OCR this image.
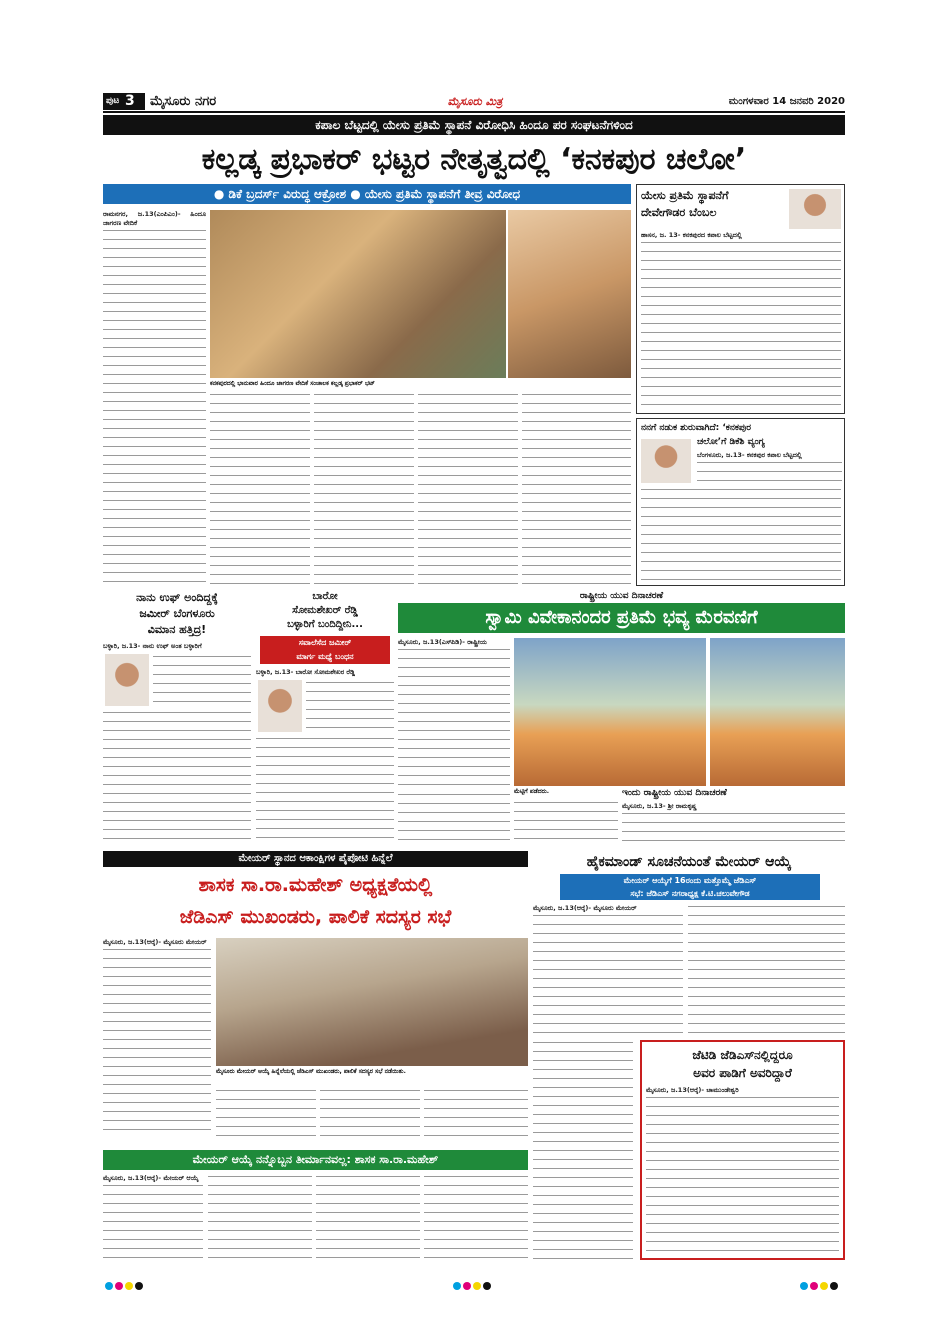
ಪುಟ 3 ಮೈಸೂರು ನಗರ	ಮೈಸೂರು ಮಿತ್ರ	ಮಂಗಳವಾರ 14 ಜನವರಿ 2020
ಕಪಾಲ ಬೆಟ್ಟದಲ್ಲಿ ಯೇಸು ಪ್ರತಿಮೆ ಸ್ಥಾಪನೆ ವಿರೋಧಿಸಿ ಹಿಂದೂ ಪರ ಸಂಘಟನೆಗಳಿಂದ
ಕಲ್ಲಡ್ಕ ಪ್ರಭಾಕರ್ ಭಟ್ಟರ ನೇತೃತ್ವದಲ್ಲಿ ‘ಕನಕಪುರ ಚಲೋ’
● ಡಿಕೆ ಬ್ರದರ್ಸ್ ವಿರುದ್ಧ ಆಕ್ರೋಶ ● ಯೇಸು ಪ್ರತಿಮೆ ಸ್ಥಾಪನೆಗೆ ತೀವ್ರ ವಿರೋಧ
ರಾಮನಗರ, ಜ.13(ಎಂಪಿಎಂ)- ಹಿಂದೂ ಜಾಗರಣ ವೇದಿಕೆ
ಕನಕಪುರದಲ್ಲಿ ಭಾನುವಾರ ಹಿಂದೂ ಜಾಗರಣ ವೇದಿಕೆ ಸಂಚಾಲಕ ಕಲ್ಲಡ್ಕ ಪ್ರಭಾಕರ್ ಭಟ್
ಯೇಸು ಪ್ರತಿಮೆ ಸ್ಥಾಪನೆಗೆ
ದೇವೇಗೌಡರ ಬೆಂಬಲ
ಹಾಸನ, ಜ. 13- ಕನಕಪುರದ ಕಪಾಲ ಬೆಟ್ಟದಲ್ಲಿ
ನನಗೆ ನಡುಕ ಶುರುವಾಗಿದೆ: ‘ಕನಕಪುರ
ಚಲೋ’ಗೆ ಡಿಕೆಶಿ ವ್ಯಂಗ್ಯ
ಬೆಂಗಳೂರು, ಜ.13- ಕನಕಪುರ ಕಪಾಲ ಬೆಟ್ಟದಲ್ಲಿ
ನಾನು ಉಫ್ ಅಂದಿದ್ದಕ್ಕೆ
ಜಮೀರ್ ಬೆಂಗಳೂರು
ವಿಮಾನ ಹತ್ತಿದ್ರ!
ಬಳ್ಳಾರಿ, ಜ.13- ನಾನು ಉಫ್ ಅಂತ ಬಳ್ಳಾರಿಗೆ
ಬಾರೋ
ಸೋಮಶೇಖರ್ ರೆಡ್ಡಿ
ಬಳ್ಳಾರಿಗೆ ಬಂದಿದ್ದೀನಿ...
ಸವಾಲೆಸೆದ ಜಮೀರ್
ಮಾರ್ಗ ಮಧ್ಯೆ ಬಂಧನ
ಬಳ್ಳಾರಿ, ಜ.13- ಬಾರೋ ಸೋಮಶೇಖರ ರೆಡ್ಡಿ
ರಾಷ್ಟ್ರೀಯ ಯುವ ದಿನಾಚರಣೆ
ಸ್ವಾಮಿ ವಿವೇಕಾನಂದರ ಪ್ರತಿಮೆ ಭವ್ಯ ಮೆರವಣಿಗೆ
ಮೈಸೂರು, ಜ.13(ಎಸ್‍ಪಿಡಿ)- ರಾಷ್ಟ್ರೀಯ
ಮೆಟ್ಟಿಗೆ ಪಡೆದರು.	ಇಂದು ರಾಷ್ಟ್ರೀಯ ಯುವ ದಿನಾಚರಣೆ
ಮೈಸೂರು, ಜ.13- ಶ್ರೀ ರಾಮಕೃಷ್ಣ
ಮೇಯರ್ ಸ್ಥಾನದ ಆಕಾಂಕ್ಷಿಗಳ ಪೈಪೋಟಿ ಹಿನ್ನೆಲೆ
ಶಾಸಕ ಸಾ.ರಾ.ಮಹೇಶ್ ಅಧ್ಯಕ್ಷತೆಯಲ್ಲಿ
ಜೆಡಿಎಸ್ ಮುಖಂಡರು, ಪಾಲಿಕೆ ಸದಸ್ಯರ ಸಭೆ
ಮೈಸೂರು, ಜ.13(ಆರ್‍ಕೆ)- ಮೈಸೂರು ಮೇಯರ್
ಮೈಸೂರು ಮೇಯರ್ ಆಯ್ಕೆ ಹಿನ್ನೆಲೆಯಲ್ಲಿ ಜೆಡಿಎಸ್ ಮುಖಂಡರು, ಪಾಲಿಕೆ ಸದಸ್ಯರ ಸಭೆ ನಡೆಯಿತು.
ಹೈಕಮಾಂಡ್ ಸೂಚನೆಯಂತೆ ಮೇಯರ್ ಆಯ್ಕೆ
ಮೇಯರ್ ಆಯ್ಕೆಗೆ 16ರಂದು ಮತ್ತೊಮ್ಮೆ ಜೆಡಿಎಸ್
ಸಭೆ: ಜೆಡಿಎಸ್ ನಗರಾಧ್ಯಕ್ಷ ಕೆ.ಟಿ.ಚಲುವೇಗೌಡ
ಮೈಸೂರು, ಜ.13(ಆರ್‍ಕೆ)- ಮೈಸೂರು ಮೇಯರ್
ಜೆಟಿಡಿ ಜೆಡಿಎಸ್‍ನಲ್ಲಿದ್ದರೂ
ಅವರ ಪಾಡಿಗೆ ಅವರಿದ್ದಾರೆ
ಮೈಸೂರು, ಜ.13(ಆರ್‍ಕೆ)- ಚಾಮುಂಡೇಶ್ವರಿ
ಮೇಯರ್ ಆಯ್ಕೆ ನನ್ನೊಬ್ಬನ ತೀರ್ಮಾನವಲ್ಲ: ಶಾಸಕ ಸಾ.ರಾ.ಮಹೇಶ್
ಮೈಸೂರು, ಜ.13(ಆರ್‍ಕೆ)- ಮೇಯರ್ ಆಯ್ಕೆ
